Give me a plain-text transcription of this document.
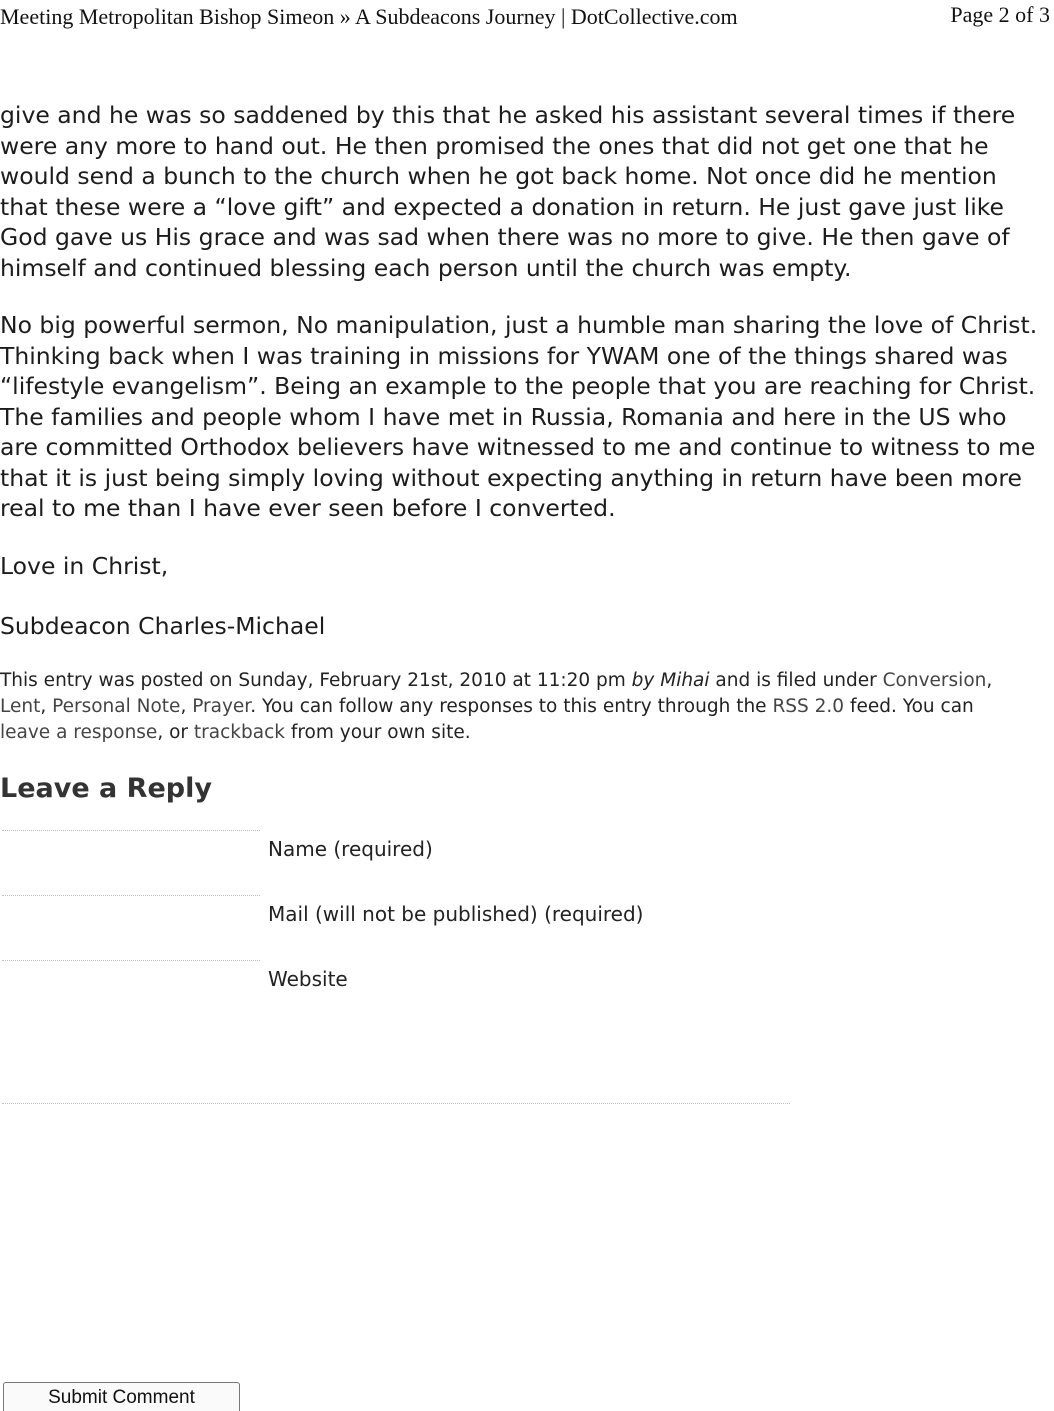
Meeting Metropolitan Bishop Simeon » A Subdeacons Journey | DotCollective.com	Page 2 of 3

give and he was so saddened by this that he asked his assistant several times if there were any more to hand out. He then promised the ones that did not get one that he would send a bunch to the church when he got back home. Not once did he mention that these were a “love gift” and expected a donation in return. He just gave just like God gave us His grace and was sad when there was no more to give. He then gave of himself and continued blessing each person until the church was empty.

No big powerful sermon, No manipulation, just a humble man sharing the love of Christ. Thinking back when I was training in missions for YWAM one of the things shared was “lifestyle evangelism”. Being an example to the people that you are reaching for Christ. The families and people whom I have met in Russia, Romania and here in the US who are committed Orthodox believers have witnessed to me and continue to witness to me that it is just being simply loving without expecting anything in return have been more real to me than I have ever seen before I converted.

Love in Christ,

Subdeacon Charles-Michael

This entry was posted on Sunday, February 21st, 2010 at 11:20 pm by Mihai and is filed under Conversion, Lent, Personal Note, Prayer. You can follow any responses to this entry through the RSS 2.0 feed. You can leave a response, or trackback from your own site.

Leave a Reply
Name (required)
Mail (will not be published) (required)
Website
Submit Comment
